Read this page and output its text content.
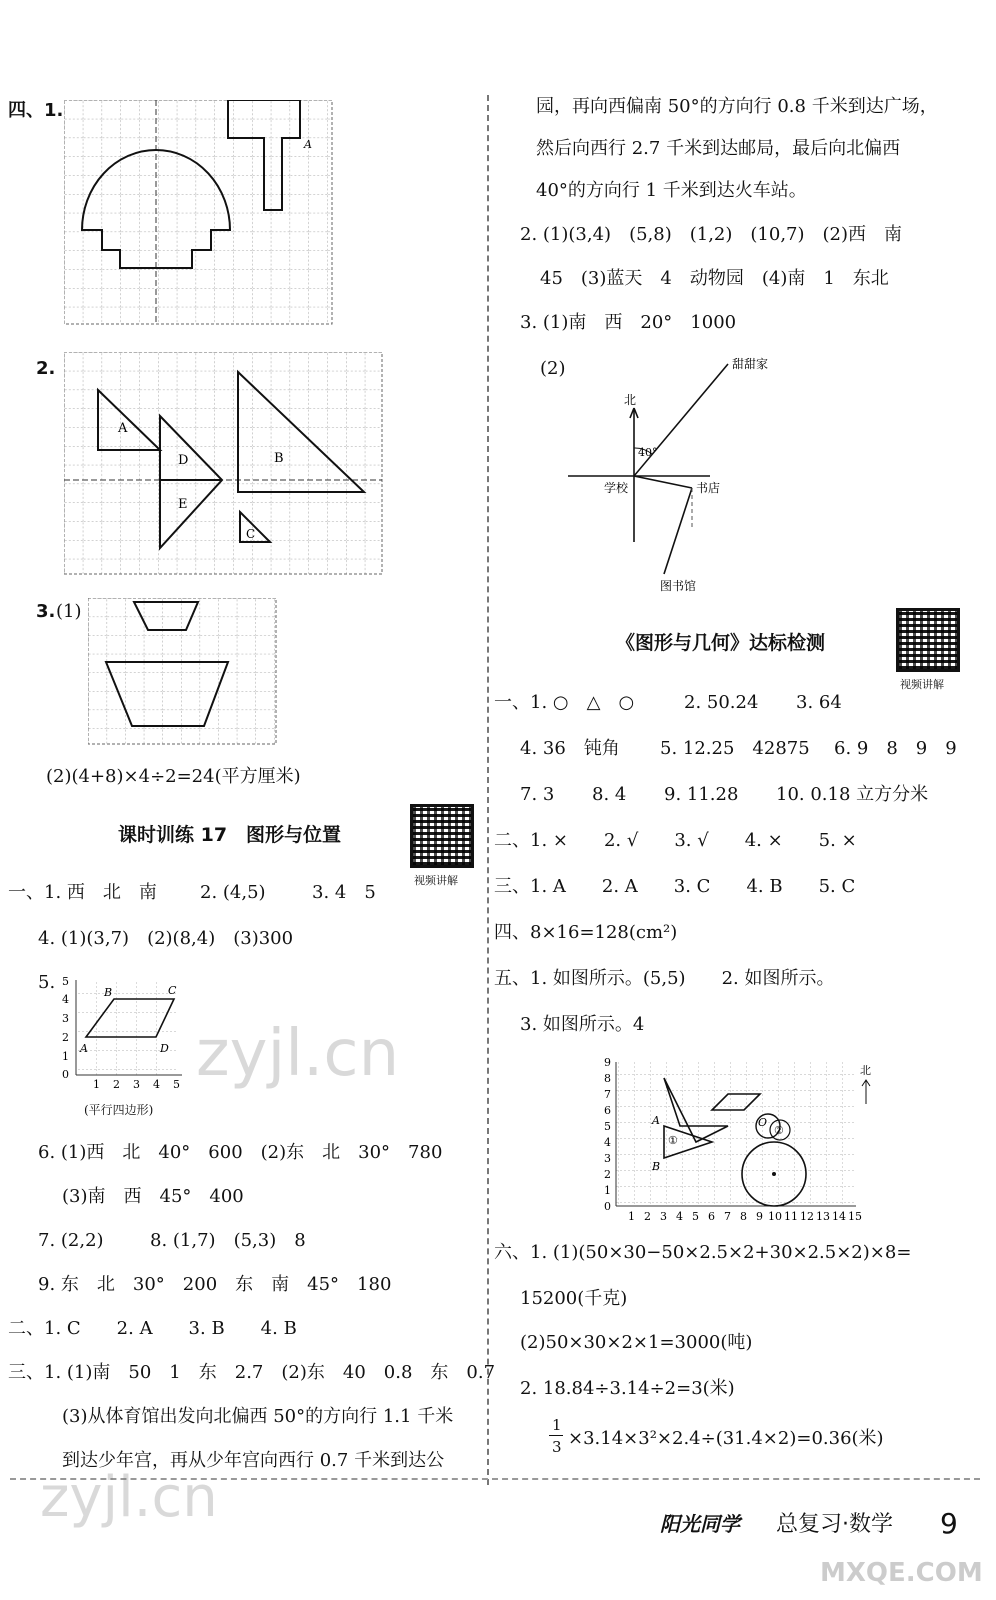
四、1.
A
2.
A
D
E
B
C
3. (1)
(2)(4+8)×4÷2=24(平方厘米)
课时训练 17　图形与位置
视频讲解
一、1. 西　北　南 2. (4,5)	3. 4　5
4. (1)(3,7)　(2)(8,4)　(3)300
5. 5
4
3
2
1
0
1 2 3 4 5
B	C
A	D
(平行四边形)
zyjl.cn
6. (1)西　北　40°　600　(2)东　北　30°　780
(3)南　西　45°　400
7. (2,2)	8. (1,7)　(5,3)　8
9. 东　北　30°　200　东　南　45°　180
二、1. C　　2. A　　3. B　　4. B
三、1. (1)南　50　1　东　2.7　(2)东　40　0.8　东　0.7
(3)从体育馆出发向北偏西 50°的方向行 1.1 千米
到达少年宫，再从少年宫向西行 0.7 千米到达公
园，再向西偏南 50°的方向行 0.8 千米到达广场，
然后向西行 2.7 千米到达邮局，最后向北偏西
40°的方向行 1 千米到达火车站。
2. (1)(3,4)　(5,8)　(1,2)　(10,7)　(2)西　南
45　(3)蓝天　4　动物园　(4)南　1　东北
3. (1)南　西　20°　1000
(2)	甜甜家
北
40°
学校	书店
图书馆
《图形与几何》达标检测
视频讲解
一、1. ○　△　○	2. 50.24 3. 64
4. 36　钝角 5. 12.25　42875 6. 9　8　9　9
7. 3 8. 4 9. 11.28 10. 0.18 立方分米
二、1. ×　　2. √　　3. √　　4. ×　　5. ×
三、1. A　　2. A　　3. C　　4. B　　5. C
四、8×16=128(cm²)
五、1. 如图所示。(5,5)　　2. 如图所示。
3. 如图所示。4
9
8
7
6
5
4
3
2
1
0
1 2 3 4 5 6 7 8 9 10 11 12 13 14 15
A
B
①
O
②
北
六、1. (1)(50×30−50×2.5×2+30×2.5×2)×8=
15200(千克)
(2)50×30×2×1=3000(吨)
2. 18.84÷3.14÷2=3(米)
1
3 ×3.14×3²×2.4÷(31.4×2)=0.36(米)
zyjl.cn	阳光同学 总复习·数学 9
MXQE.COM
